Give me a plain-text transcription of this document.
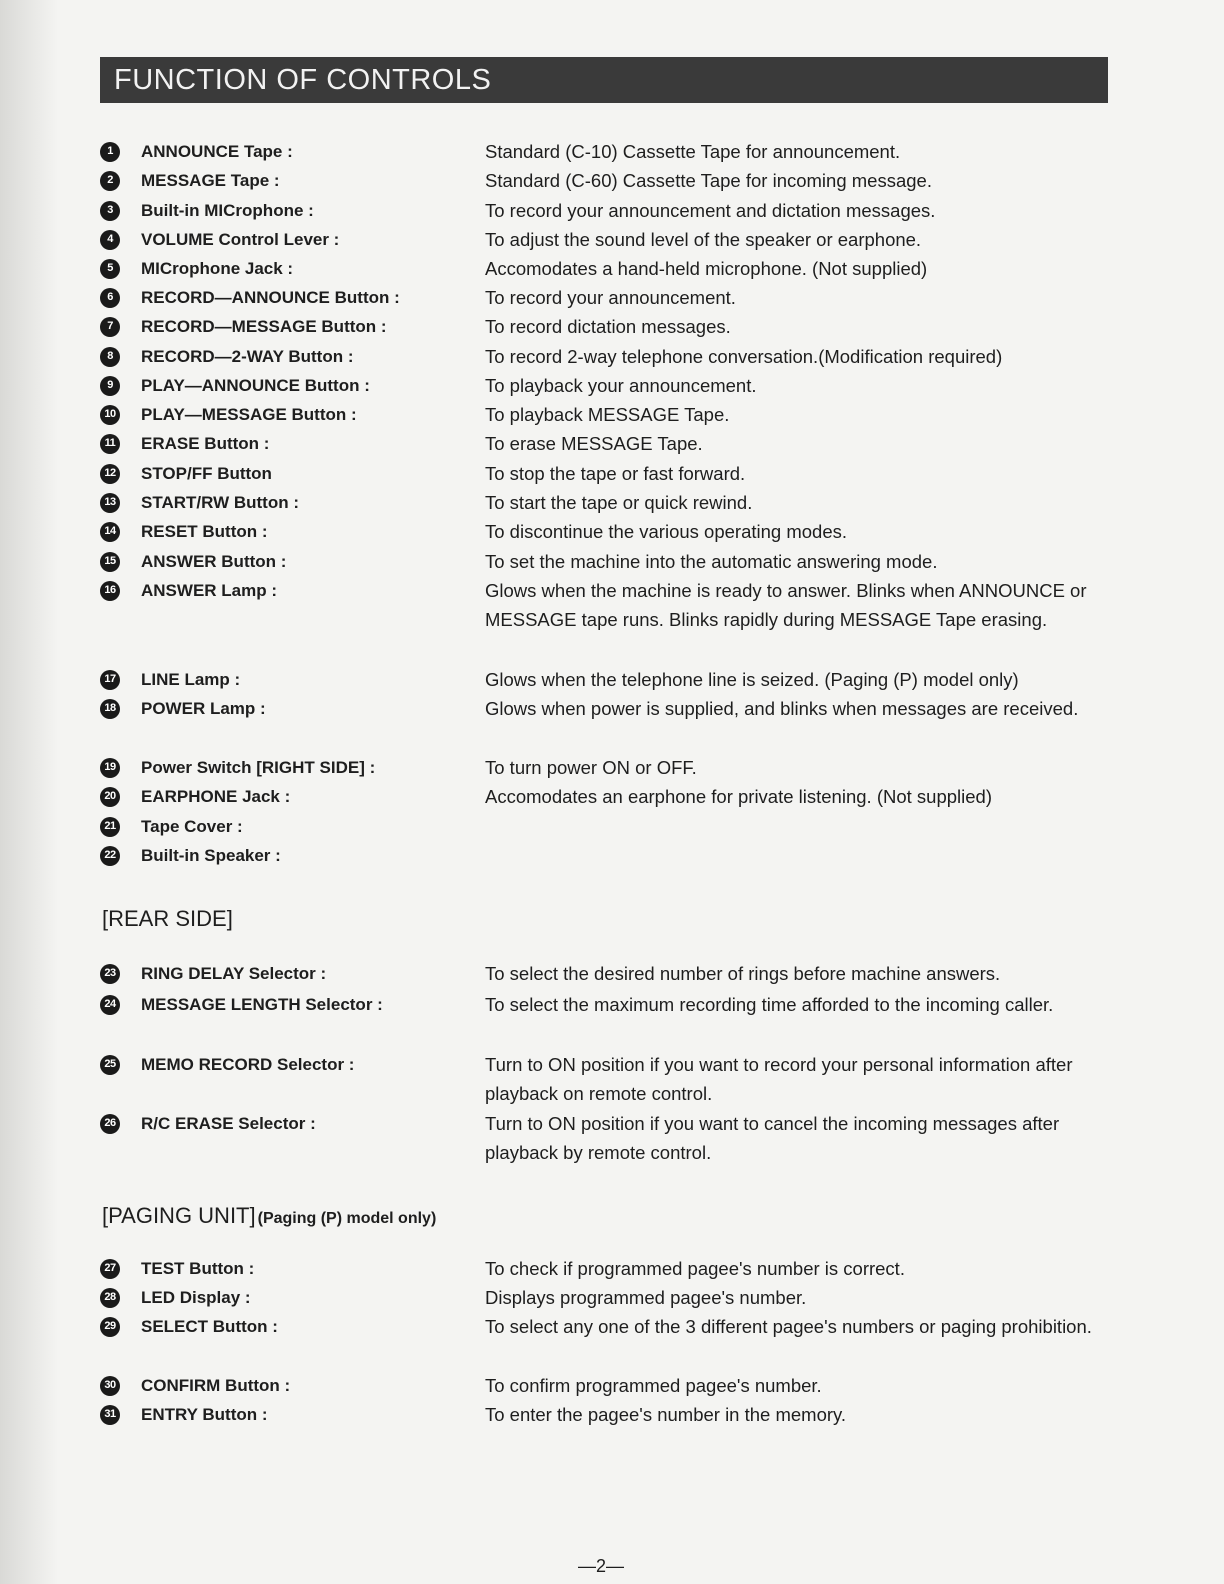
FUNCTION OF CONTROLS
1	ANNOUNCE Tape :	Standard (C-10) Cassette Tape for announcement.
2	MESSAGE Tape :	Standard (C-60) Cassette Tape for incoming message.
3	Built-in MICrophone :	To record your announcement and dictation messages.
4	VOLUME Control Lever :	To adjust the sound level of the speaker or earphone.
5	MICrophone Jack :	Accomodates a hand-held microphone. (Not supplied)
6	RECORD—ANNOUNCE Button :	To record your announcement.
7	RECORD—MESSAGE Button :	To record dictation messages.
8	RECORD—2-WAY Button :	To record 2-way telephone conversation.(Modification required)
9	PLAY—ANNOUNCE Button :	To playback your announcement.
10	PLAY—MESSAGE Button :	To playback MESSAGE Tape.
11	ERASE Button :	To erase MESSAGE Tape.
12	STOP/FF Button	To stop the tape or fast forward.
13	START/RW Button :	To start the tape or quick rewind.
14	RESET Button :	To discontinue the various operating modes.
15	ANSWER Button :	To set the machine into the automatic answering mode.
16	ANSWER Lamp :	Glows when the machine is ready to answer. Blinks when ANNOUNCE or MESSAGE tape runs. Blinks rapidly during MESSAGE Tape erasing.
17	LINE Lamp :	Glows when the telephone line is seized. (Paging (P) model only)
18	POWER Lamp :	Glows when power is supplied, and blinks when messages are received.
19	Power Switch [RIGHT SIDE] :	To turn power ON or OFF.
20	EARPHONE Jack :	Accomodates an earphone for private listening. (Not supplied)
21	Tape Cover :
22	Built-in Speaker :
[REAR SIDE]
23	RING DELAY Selector :	To select the desired number of rings before machine answers.
24	MESSAGE LENGTH Selector :	To select the maximum recording time afforded to the incoming caller.
25	MEMO RECORD Selector :	Turn to ON position if you want to record your personal information after playback on remote control.
26	R/C ERASE Selector :	Turn to ON position if you want to cancel the incoming messages after playback by remote control.
[PAGING UNIT] (Paging (P) model only)
27	TEST Button :	To check if programmed pagee's number is correct.
28	LED Display :	Displays programmed pagee's number.
29	SELECT Button :	To select any one of the 3 different pagee's numbers or paging prohibition.
30	CONFIRM Button :	To confirm programmed pagee's number.
31	ENTRY Button :	To enter the pagee's number in the memory.
—2—
